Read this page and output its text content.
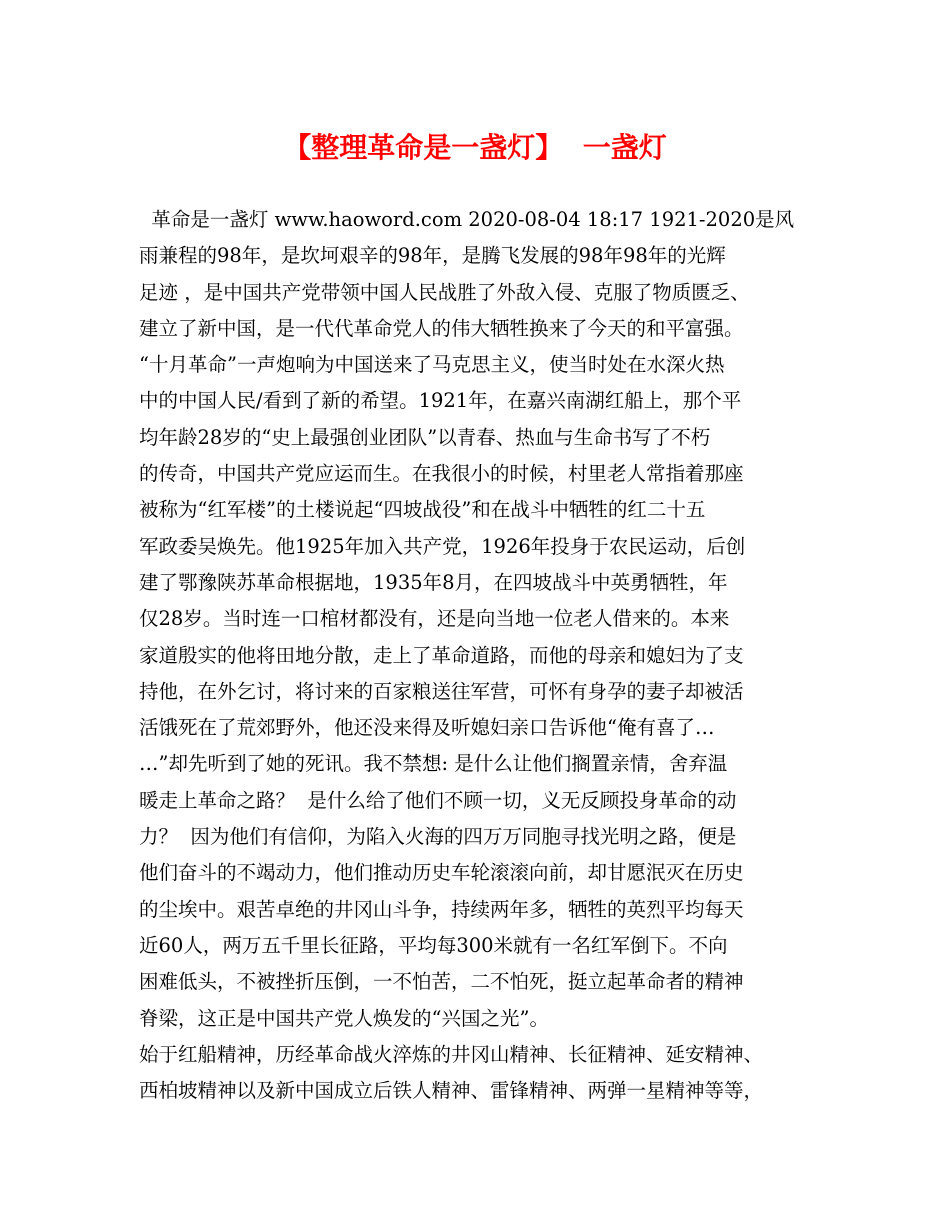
【整理革命是一盏灯】  一盏灯
革命是一盏灯 www.haoword.com 2020-08-04 18:17 1921-2020是风
雨兼程的98年，是坎坷艰辛的98年，是腾飞发展的98年98年的光辉
足迹 ，是中国共产党带领中国人民战胜了外敌入侵、克服了物质匮乏、
建立了新中国，是一代代革命党人的伟大牺牲换来了今天的和平富强。
“十月革命”一声炮响为中国送来了马克思主义，使当时处在水深火热
中的中国人民/看到了新的希望。1921年，在嘉兴南湖红船上，那个平
均年龄28岁的“史上最强创业团队”以青春、热血与生命书写了不朽
的传奇，中国共产党应运而生。在我很小的时候，村里老人常指着那座
被称为“红军楼”的土楼说起“四坡战役”和在战斗中牺牲的红二十五
军政委吴焕先。他1925年加入共产党，1926年投身于农民运动，后创
建了鄂豫陕苏革命根据地，1935年8月，在四坡战斗中英勇牺牲，年
仅28岁。当时连一口棺材都没有，还是向当地一位老人借来的。本来
家道殷实的他将田地分散，走上了革命道路，而他的母亲和媳妇为了支
持他，在外乞讨，将讨来的百家粮送往军营，可怀有身孕的妻子却被活
活饿死在了荒郊野外，他还没来得及听媳妇亲口告诉他“俺有喜了…
…”却先听到了她的死讯。我不禁想: 是什么让他们搁置亲情，舍弃温
暖走上革命之路？  是什么给了他们不顾一切，义无反顾投身革命的动
力？  因为他们有信仰，为陷入火海的四万万同胞寻找光明之路，便是
他们奋斗的不竭动力，他们推动历史车轮滚滚向前，却甘愿泯灭在历史
的尘埃中。艰苦卓绝的井冈山斗争，持续两年多，牺牲的英烈平均每天
近60人，两万五千里长征路，平均每300米就有一名红军倒下。不向
困难低头，不被挫折压倒，一不怕苦，二不怕死，挺立起革命者的精神
脊梁，这正是中国共产党人焕发的“兴国之光”。
始于红船精神，历经革命战火淬炼的井冈山精神、长征精神、延安精神、
西柏坡精神以及新中国成立后铁人精神、雷锋精神、两弹一星精神等等，
